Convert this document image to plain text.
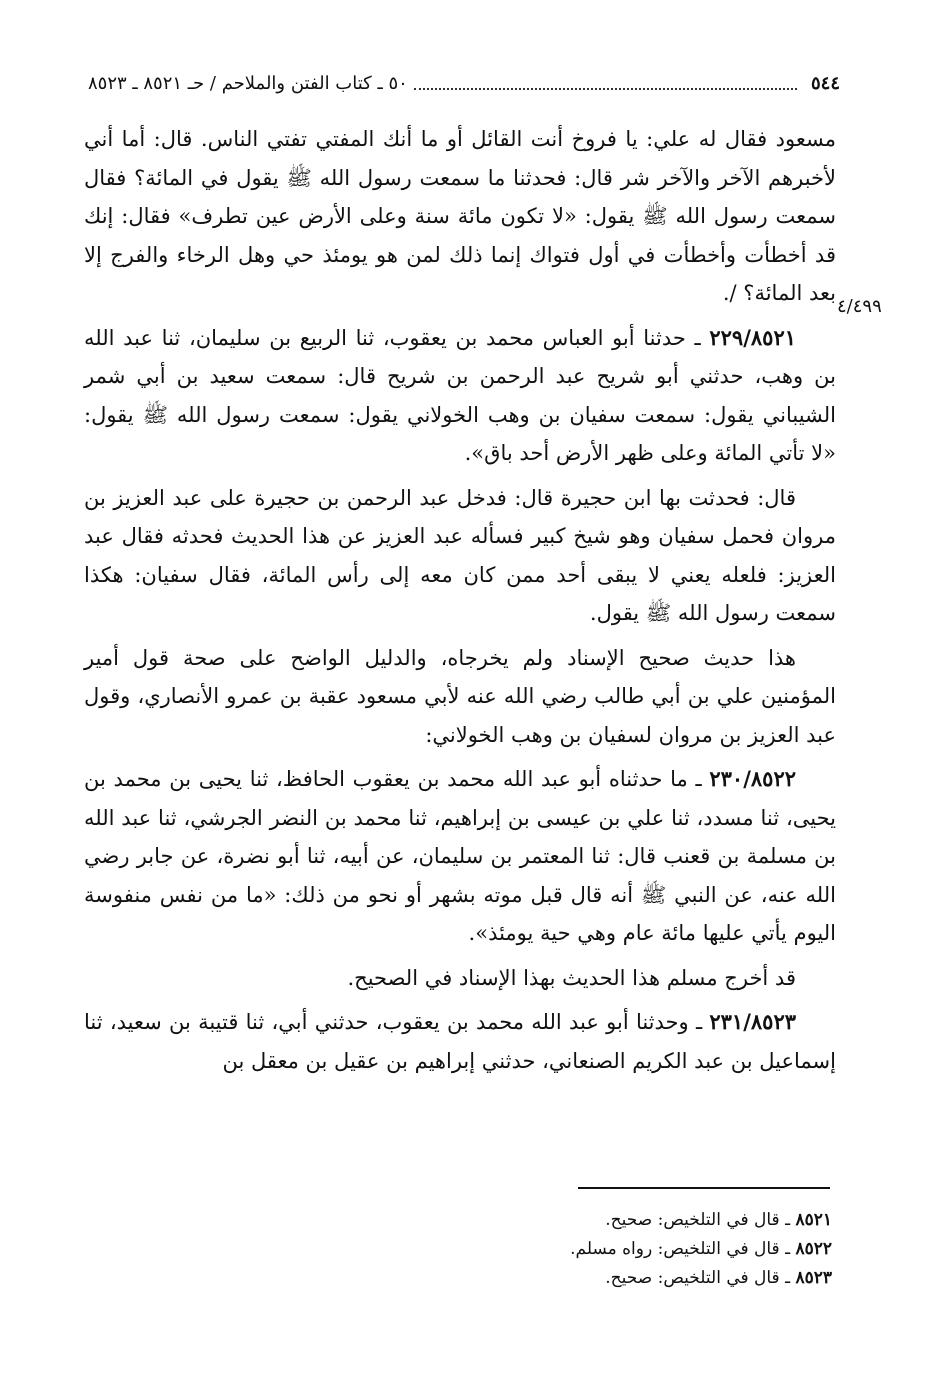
٥٤٤
٥٠ ـ كتاب الفتن والملاحم / حـ ٨٥٢١ ـ ٨٥٢٣
٤/٤٩٩

مسعود فقال له علي: يا فروخ أنت القائل أو ما أنك المفتي تفتي الناس. قال: أما أني لأخبرهم الآخر والآخر شر قال: فحدثنا ما سمعت رسول الله ﷺ يقول في المائة؟ فقال سمعت رسول الله ﷺ يقول: «لا تكون مائة سنة وعلى الأرض عين تطرف» فقال: إنك قد أخطأت وأخطأت في أول فتواك إنما ذلك لمن هو يومئذ حي وهل الرخاء والفرج إلا بعد المائة؟ /.

٢٢٩/٨٥٢١ ـ حدثنا أبو العباس محمد بن يعقوب، ثنا الربيع بن سليمان، ثنا عبد الله بن وهب، حدثني أبو شريح عبد الرحمن بن شريح قال: سمعت سعيد بن أبي شمر الشيباني يقول: سمعت سفيان بن وهب الخولاني يقول: سمعت رسول الله ﷺ يقول: «لا تأتي المائة وعلى ظهر الأرض أحد باق».

قال: فحدثت بها ابن حجيرة قال: فدخل عبد الرحمن بن حجيرة على عبد العزيز بن مروان فحمل سفيان وهو شيخ كبير فسأله عبد العزيز عن هذا الحديث فحدثه فقال عبد العزيز: فلعله يعني لا يبقى أحد ممن كان معه إلى رأس المائة، فقال سفيان: هكذا سمعت رسول الله ﷺ يقول.

هذا حديث صحيح الإسناد ولم يخرجاه، والدليل الواضح على صحة قول أمير المؤمنين علي بن أبي طالب رضي الله عنه لأبي مسعود عقبة بن عمرو الأنصاري، وقول عبد العزيز بن مروان لسفيان بن وهب الخولاني:

٢٣٠/٨٥٢٢ ـ ما حدثناه أبو عبد الله محمد بن يعقوب الحافظ، ثنا يحيى بن محمد بن يحيى، ثنا مسدد، ثنا علي بن عيسى بن إبراهيم، ثنا محمد بن النضر الجرشي، ثنا عبد الله بن مسلمة بن قعنب قال: ثنا المعتمر بن سليمان، عن أبيه، ثنا أبو نضرة، عن جابر رضي الله عنه، عن النبي ﷺ أنه قال قبل موته بشهر أو نحو من ذلك: «ما من نفس منفوسة اليوم يأتي عليها مائة عام وهي حية يومئذ».

قد أخرج مسلم هذا الحديث بهذا الإسناد في الصحيح.

٢٣١/٨٥٢٣ ـ وحدثنا أبو عبد الله محمد بن يعقوب، حدثني أبي، ثنا قتيبة بن سعيد، ثنا إسماعيل بن عبد الكريم الصنعاني، حدثني إبراهيم بن عقيل بن معقل بن

٨٥٢١ ـ قال في التلخيص: صحيح.
٨٥٢٢ ـ قال في التلخيص: رواه مسلم.
٨٥٢٣ ـ قال في التلخيص: صحيح.
